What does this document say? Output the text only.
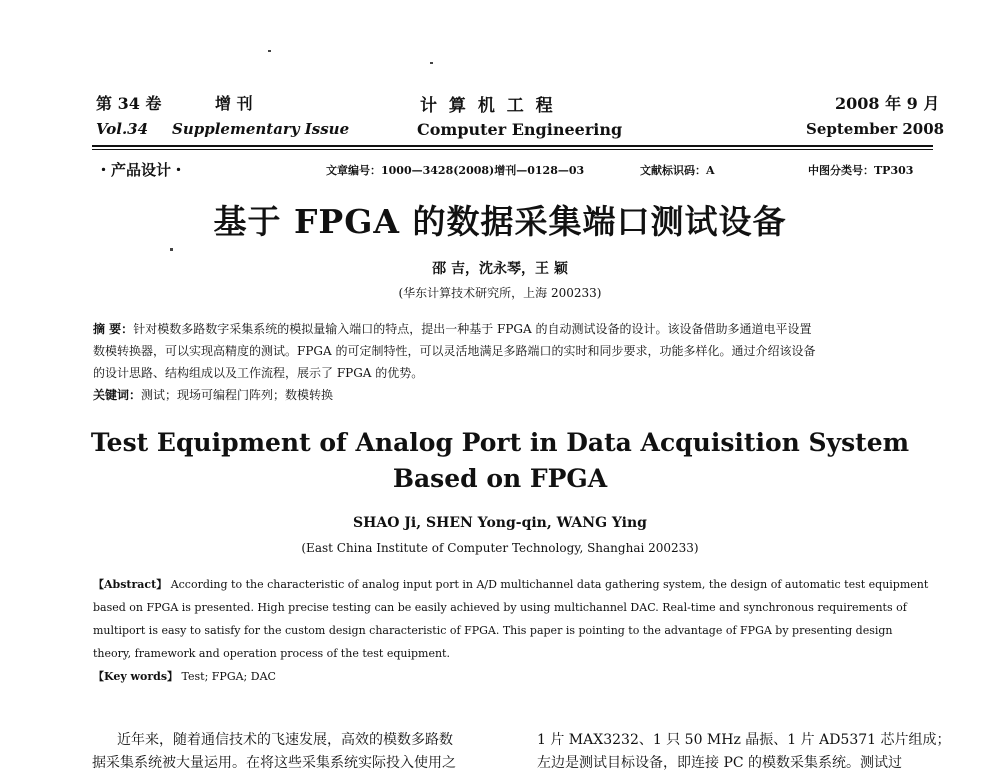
第 34 卷	增 刊	计 算 机 工 程	2008 年 9 月
Vol.34 Supplementary Issue	Computer Engineering	September 2008
・产品设计・	文章编号：1000—3428(2008)增刊—0128—03	文献标识码：A	中图分类号：TP303
基于 FPGA 的数据采集端口测试设备
邵 吉，沈永琴，王 颖
(华东计算技术研究所，上海 200233)
摘 要：针对模数多路数字采集系统的模拟量输入端口的特点，提出一种基于 FPGA 的自动测试设备的设计。该设备借助多通道电平设置
数模转换器，可以实现高精度的测试。FPGA 的可定制特性，可以灵活地满足多路端口的实时和同步要求，功能多样化。通过介绍该设备
的设计思路、结构组成以及工作流程，展示了 FPGA 的优势。
关键词：测试；现场可编程门阵列；数模转换
Test Equipment of Analog Port in Data Acquisition System
Based on FPGA
SHAO Ji, SHEN Yong-qin, WANG Ying
(East China Institute of Computer Technology, Shanghai 200233)
【Abstract】 According to the characteristic of analog input port in A/D multichannel data gathering system, the design of automatic test equipment
based on FPGA is presented. High precise testing can be easily achieved by using multichannel DAC. Real-time and synchronous requirements of
multiport is easy to satisfy for the custom design characteristic of FPGA. This paper is pointing to the advantage of FPGA by presenting design
theory, framework and operation process of the test equipment.
【Key words】 Test; FPGA; DAC
近年来，随着通信技术的飞速发展，高效的模数多路数
据采集系统被大量运用。在将这些采集系统实际投入使用之
1 片 MAX3232、1 只 50 MHz 晶振、1 片 AD5371 芯片组成；
左边是测试目标设备，即连接 PC 的模数采集系统。测试过
